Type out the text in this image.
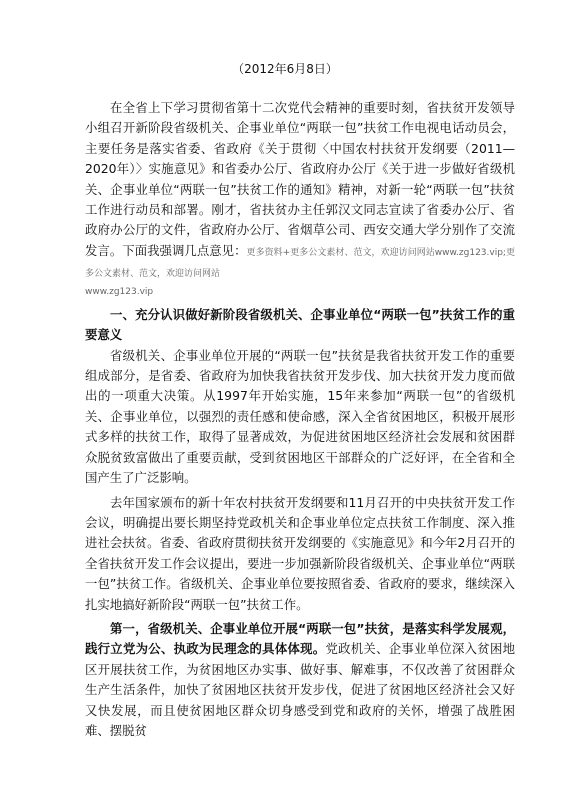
（2012年6月8日）

在全省上下学习贯彻省第十二次党代会精神的重要时刻，省扶贫开发领导小组召开新阶段省级机关、企事业单位“两联一包”扶贫工作电视电话动员会，主要任务是落实省委、省政府《关于贯彻〈中国农村扶贫开发纲要（2011—2020年）〉实施意见》和省委办公厅、省政府办公厅《关于进一步做好省级机关、企事业单位“两联一包”扶贫工作的通知》精神，对新一轮“两联一包”扶贫工作进行动员和部署。刚才，省扶贫办主任郭汉文同志宣读了省委办公厅、省政府办公厅的文件，省政府办公厅、省烟草公司、西安交通大学分别作了交流发言。下面我强调几点意见：更多资料+更多公文素材、范文，欢迎访问网站www.zg123.vip;更多公文素材、范文，欢迎访问网站

www.zg123.vip

一、充分认识做好新阶段省级机关、企事业单位“两联一包”扶贫工作的重要意义

省级机关、企事业单位开展的“两联一包”扶贫是我省扶贫开发工作的重要组成部分，是省委、省政府为加快我省扶贫开发步伐、加大扶贫开发力度而做出的一项重大决策。从1997年开始实施，15年来参加“两联一包”的省级机关、企事业单位，以强烈的责任感和使命感，深入全省贫困地区，积极开展形式多样的扶贫工作，取得了显著成效，为促进贫困地区经济社会发展和贫困群众脱贫致富做出了重要贡献，受到贫困地区干部群众的广泛好评，在全省和全国产生了广泛影响。

去年国家颁布的新十年农村扶贫开发纲要和11月召开的中央扶贫开发工作会议，明确提出要长期坚持党政机关和企事业单位定点扶贫工作制度、深入推进社会扶贫。省委、省政府贯彻扶贫开发纲要的《实施意见》和今年2月召开的全省扶贫开发工作会议提出，要进一步加强新阶段省级机关、企事业单位“两联一包”扶贫工作。省级机关、企事业单位要按照省委、省政府的要求，继续深入扎实地搞好新阶段“两联一包”扶贫工作。

第一，省级机关、企事业单位开展“两联一包”扶贫，是落实科学发展观，践行立党为公、执政为民理念的具体体现。党政机关、企事业单位深入贫困地区开展扶贫工作，为贫困地区办实事、做好事、解难事，不仅改善了贫困群众生产生活条件，加快了贫困地区扶贫开发步伐，促进了贫困地区经济社会又好又快发展，而且使贫困地区群众切身感受到党和政府的关怀，增强了战胜困难、摆脱贫
